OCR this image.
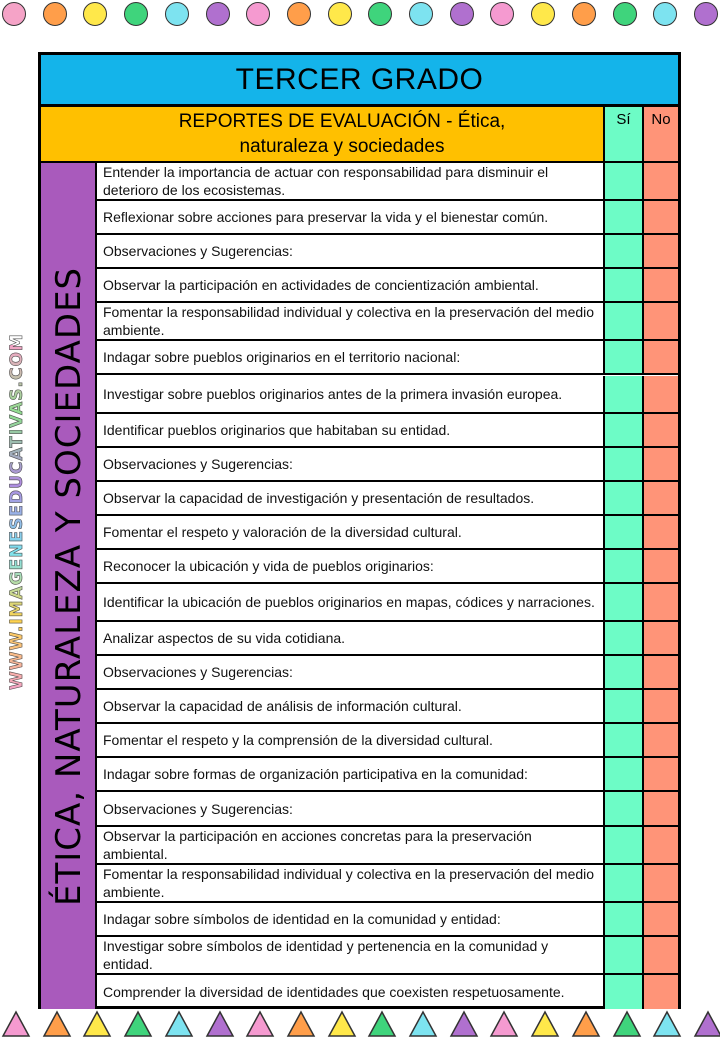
WWW.IMAGENESEDUCATIVAS.COM
TERCER GRADO
REPORTES DE EVALUACIÓN - Ética,
naturaleza y sociedades
Sí	No
ÉTICA, NATURALEZA Y SOCIEDADES
Entender la importancia de actuar con responsabilidad para disminuir el deterioro de los ecosistemas.
Reflexionar sobre acciones para preservar la vida y el bienestar común.
Observaciones y Sugerencias:
Observar la participación en actividades de concientización ambiental.
Fomentar la responsabilidad individual y colectiva en la preservación del medio ambiente.
Indagar sobre pueblos originarios en el territorio nacional:
Investigar sobre pueblos originarios antes de la primera invasión europea.
Identificar pueblos originarios que habitaban su entidad.
Observaciones y Sugerencias:
Observar la capacidad de investigación y presentación de resultados.
Fomentar el respeto y valoración de la diversidad cultural.
Reconocer la ubicación y vida de pueblos originarios:
Identificar la ubicación de pueblos originarios en mapas, códices y narraciones.
Analizar aspectos de su vida cotidiana.
Observaciones y Sugerencias:
Observar la capacidad de análisis de información cultural.
Fomentar el respeto y la comprensión de la diversidad cultural.
Indagar sobre formas de organización participativa en la comunidad:
Observaciones y Sugerencias:
Observar la participación en acciones concretas para la preservación ambiental.
Fomentar la responsabilidad individual y colectiva en la preservación del medio ambiente.
Indagar sobre símbolos de identidad en la comunidad y entidad:
Investigar sobre símbolos de identidad y pertenencia en la comunidad y entidad.
Comprender la diversidad de identidades que coexisten respetuosamente.
